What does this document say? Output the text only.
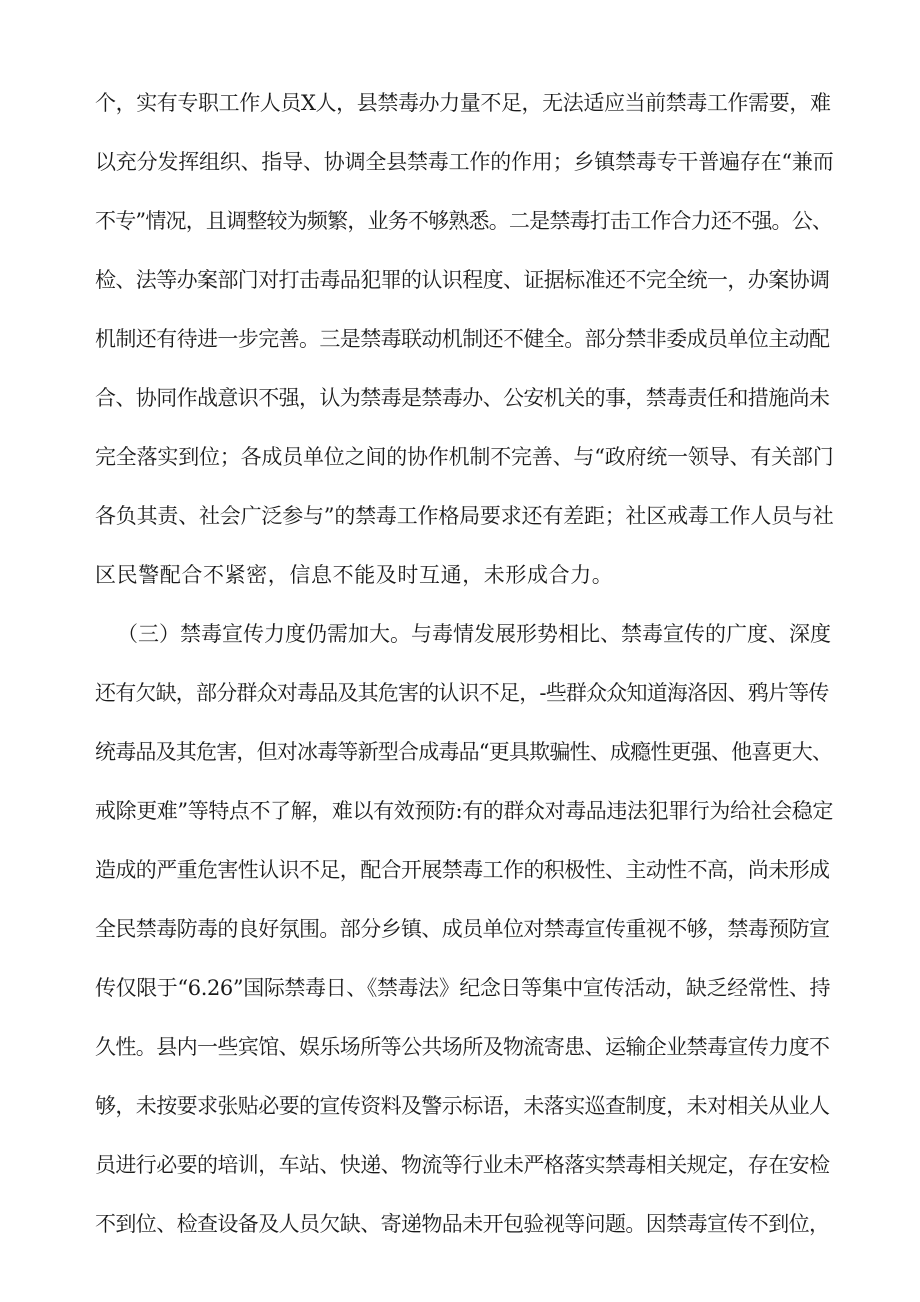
个，实有专职工作人员X人，县禁毒办力量不足，无法适应当前禁毒工作需要，难
以充分发挥组织、指导、协调全县禁毒工作的作用；乡镇禁毒专干普遍存在“兼而
不专”情况，且调整较为频繁，业务不够熟悉。二是禁毒打击工作合力还不强。公、
检、法等办案部门对打击毒品犯罪的认识程度、证据标准还不完全统一，办案协调
机制还有待进一步完善。三是禁毒联动机制还不健全。部分禁非委成员单位主动配
合、协同作战意识不强，认为禁毒是禁毒办、公安机关的事，禁毒责任和措施尚未
完全落实到位；各成员单位之间的协作机制不完善、与“政府统一领导、有关部门
各负其责、社会广泛参与”的禁毒工作格局要求还有差距；社区戒毒工作人员与社
区民警配合不紧密，信息不能及时互通，未形成合力。
（三）禁毒宣传力度仍需加大。与毒情发展形势相比、禁毒宣传的广度、深度
还有欠缺，部分群众对毒品及其危害的认识不足，-些群众众知道海洛因、鸦片等传
统毒品及其危害，但对冰毒等新型合成毒品“更具欺骗性、成瘾性更强、他喜更大、
戒除更难”等特点不了解，难以有效预防:有的群众对毒品违法犯罪行为给社会稳定
造成的严重危害性认识不足，配合开展禁毒工作的积极性、主动性不高，尚未形成
全民禁毒防毒的良好氛围。部分乡镇、成员单位对禁毒宣传重视不够，禁毒预防宣
传仅限于“6.26”国际禁毒日、《禁毒法》纪念日等集中宣传活动，缺乏经常性、持
久性。县内一些宾馆、娱乐场所等公共场所及物流寄患、运输企业禁毒宣传力度不
够，未按要求张贴必要的宣传资料及警示标语，未落实巡查制度，未对相关从业人
员进行必要的培训，车站、快递、物流等行业未严格落实禁毒相关规定，存在安检
不到位、检查设备及人员欠缺、寄递物品未开包验视等问题。因禁毒宣传不到位，
